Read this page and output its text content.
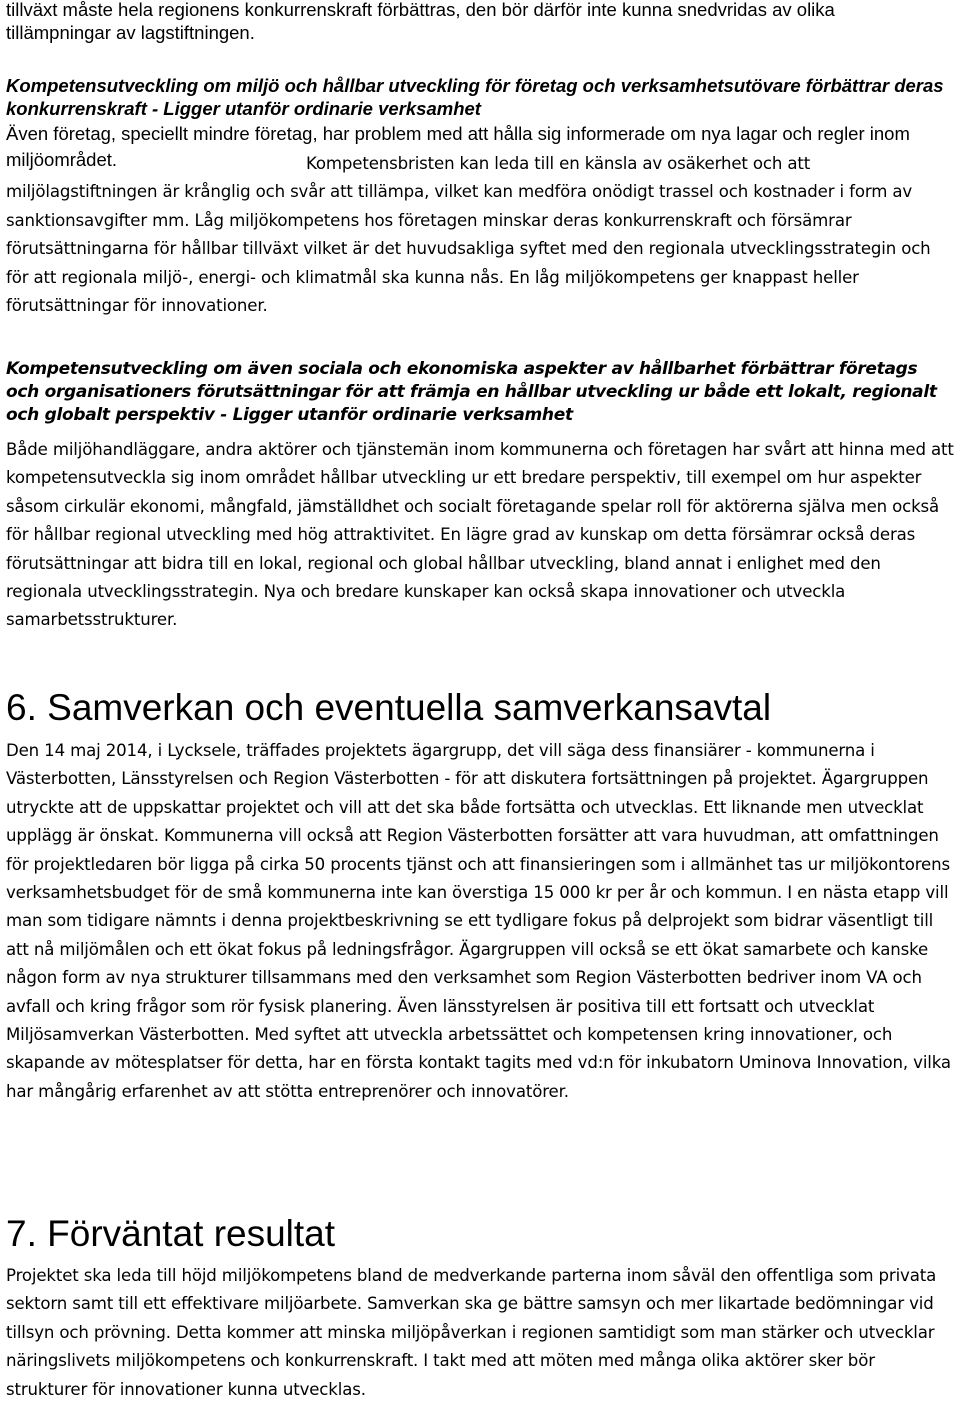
tillväxt måste hela regionens konkurrenskraft förbättras, den bör därför inte kunna snedvridas av olika tillämpningar av lagstiftningen.

Kompetensutveckling om miljö och hållbar utveckling för företag och verksamhetsutövare förbättrar deras konkurrenskraft - Ligger utanför ordinarie verksamhet

Även företag, speciellt mindre företag, har problem med att hålla sig informerade om nya lagar och regler inom miljöområdet.	Kompetensbristen kan leda till en känsla av osäkerhet och att miljölagstiftningen är krånglig och svår att tillämpa, vilket kan medföra onödigt trassel och kostnader i form av sanktionsavgifter mm. Låg miljökompetens hos företagen minskar deras konkurrenskraft och försämrar förutsättningarna för hållbar tillväxt vilket är det huvudsakliga syftet med den regionala utvecklingsstrategin och för att regionala miljö-, energi- och klimatmål ska kunna nås. En låg miljökompetens ger knappast heller förutsättningar för innovationer.

Kompetensutveckling om även sociala och ekonomiska aspekter av hållbarhet förbättrar företags och organisationers förutsättningar för att främja en hållbar utveckling ur både ett lokalt, regionalt och globalt perspektiv - Ligger utanför ordinarie verksamhet

Både miljöhandläggare, andra aktörer och tjänstemän inom kommunerna och företagen har svårt att hinna med att kompetensutveckla sig inom området hållbar utveckling ur ett bredare perspektiv, till exempel om hur aspekter såsom cirkulär ekonomi, mångfald, jämställdhet och socialt företagande spelar roll för aktörerna själva men också för hållbar regional utveckling med hög attraktivitet. En lägre grad av kunskap om detta försämrar också deras förutsättningar att bidra till en lokal, regional och global hållbar utveckling, bland annat i enlighet med den regionala utvecklingsstrategin. Nya och bredare kunskaper kan också skapa innovationer och utveckla samarbetsstrukturer.

6. Samverkan och eventuella samverkansavtal

Den 14 maj 2014, i Lycksele, träffades projektets ägargrupp, det vill säga dess finansiärer - kommunerna i Västerbotten, Länsstyrelsen och Region Västerbotten - för att diskutera fortsättningen på projektet. Ägargruppen utryckte att de uppskattar projektet och vill att det ska både fortsätta och utvecklas. Ett liknande men utvecklat upplägg är önskat. Kommunerna vill också att Region Västerbotten forsätter att vara huvudman, att omfattningen för projektledaren bör ligga på cirka 50 procents tjänst och att finansieringen som i allmänhet tas ur miljökontorens verksamhetsbudget för de små kommunerna inte kan överstiga 15 000 kr per år och kommun. I en nästa etapp vill man som tidigare nämnts i denna projektbeskrivning se ett tydligare fokus på delprojekt som bidrar väsentligt till att nå miljömålen och ett ökat fokus på ledningsfrågor. Ägargruppen vill också se ett ökat samarbete och kanske någon form av nya strukturer tillsammans med den verksamhet som Region Västerbotten bedriver inom VA och avfall och kring frågor som rör fysisk planering. Även länsstyrelsen är positiva till ett fortsatt och utvecklat Miljösamverkan Västerbotten. Med syftet att utveckla arbetssättet och kompetensen kring innovationer, och skapande av mötesplatser för detta, har en första kontakt tagits med vd:n för inkubatorn Uminova Innovation, vilka har mångårig erfarenhet av att stötta entreprenörer och innovatörer.

7. Förväntat resultat

Projektet ska leda till höjd miljökompetens bland de medverkande parterna inom såväl den offentliga som privata sektorn samt till ett effektivare miljöarbete. Samverkan ska ge bättre samsyn och mer likartade bedömningar vid tillsyn och prövning. Detta kommer att minska miljöpåverkan i regionen samtidigt som man stärker och utvecklar näringslivets miljökompetens och konkurrenskraft. I takt med att möten med många olika aktörer sker bör strukturer för innovationer kunna utvecklas.
